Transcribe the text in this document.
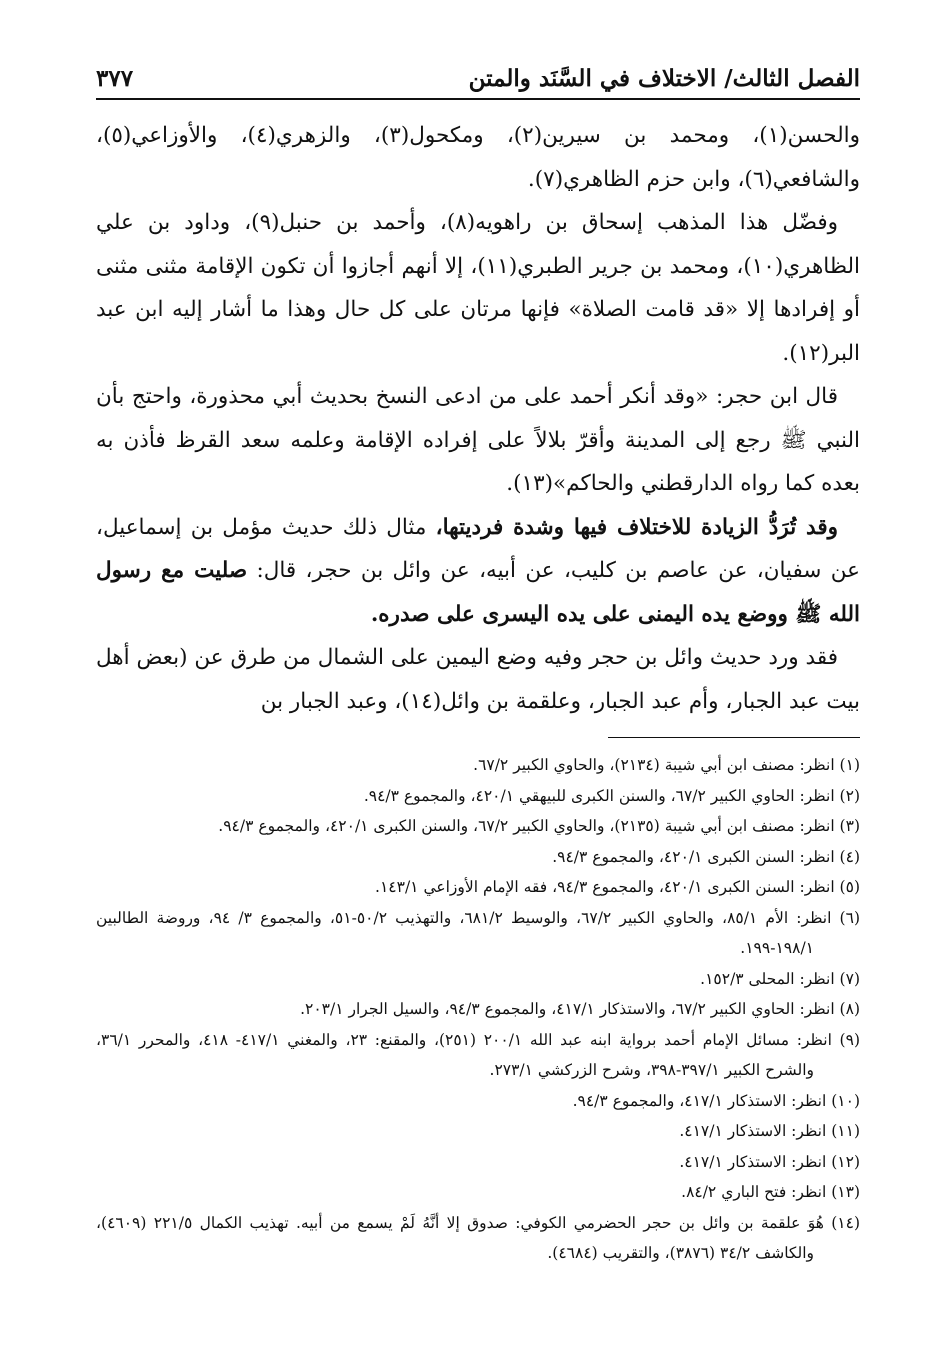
الفصل الثالث/ الاختلاف في السَّنَد والمتن
٣٧٧

والحسن(١)، ومحمد بن سيرين(٢)، ومكحول(٣)، والزهري(٤)، والأوزاعي(٥)، والشافعي(٦)، وابن حزم الظاهري(٧).

وفضّل هذا المذهب إسحاق بن راهويه(٨)، وأحمد بن حنبل(٩)، وداود بن علي الظاهري(١٠)، ومحمد بن جرير الطبري(١١)، إلا أنهم أجازوا أن تكون الإقامة مثنى مثنى أو إفرادها إلا «قد قامت الصلاة» فإنها مرتان على كل حال وهذا ما أشار إليه ابن عبد البر(١٢).

قال ابن حجر: «وقد أنكر أحمد على من ادعى النسخ بحديث أبي محذورة، واحتج بأن النبي ﷺ رجع إلى المدينة وأقرّ بلالاً على إفراده الإقامة وعلمه سعد القرظ فأذن به بعده كما رواه الدارقطني والحاكم»(١٣).

وقد تُرَدُّ الزيادة للاختلاف فيها وشدة فرديتها، مثال ذلك حديث مؤمل بن إسماعيل، عن سفيان، عن عاصم بن كليب، عن أبيه، عن وائل بن حجر، قال: صليت مع رسول الله ﷺ ووضع يده اليمنى على يده اليسرى على صدره.

فقد ورد حديث وائل بن حجر وفيه وضع اليمين على الشمال من طرق عن (بعض أهل بيت عبد الجبار، وأم عبد الجبار، وعلقمة بن وائل(١٤)، وعبد الجبار بن

(١) انظر: مصنف ابن أبي شيبة (٢١٣٤)، والحاوي الكبير ٦٧/٢.

(٢) انظر: الحاوي الكبير ٦٧/٢، والسنن الكبرى للبيهقي ٤٢٠/١، والمجموع ٩٤/٣.

(٣) انظر: مصنف ابن أبي شيبة (٢١٣٥)، والحاوي الكبير ٦٧/٢، والسنن الكبرى ٤٢٠/١، والمجموع ٩٤/٣.

(٤) انظر: السنن الكبرى ٤٢٠/١، والمجموع ٩٤/٣.

(٥) انظر: السنن الكبرى ٤٢٠/١، والمجموع ٩٤/٣، فقه الإمام الأوزاعي ١٤٣/١.

(٦) انظر: الأم ٨٥/١، والحاوي الكبير ٦٧/٢، والوسيط ٦٨١/٢، والتهذيب ٥٠/٢-٥١، والمجموع ٣/ ٩٤، وروضة الطالبين ١٩٨/١-١٩٩.

(٧) انظر: المحلى ١٥٢/٣.

(٨) انظر: الحاوي الكبير ٦٧/٢، والاستذكار ٤١٧/١، والمجموع ٩٤/٣، والسيل الجرار ٢٠٣/١.

(٩) انظر: مسائل الإمام أحمد برواية ابنه عبد الله ٢٠٠/١ (٢٥١)، والمقنع: ٢٣، والمغني ٤١٧/١- ٤١٨، والمحرر ٣٦/١، والشرح الكبير ٣٩٧/١-٣٩٨، وشرح الزركشي ٢٧٣/١.

(١٠) انظر: الاستذكار ٤١٧/١، والمجموع ٩٤/٣.

(١١) انظر: الاستذكار ٤١٧/١.

(١٢) انظر: الاستذكار ٤١٧/١.

(١٣) انظر: فتح الباري ٨٤/٢.

(١٤) هُوَ علقمة بن وائل بن حجر الحضرمي الكوفي: صدوق إلا أنَّهُ لَمْ يسمع من أبيه. تهذيب الكمال ٢٢١/٥ (٤٦٠٩)، والكاشف ٣٤/٢ (٣٨٧٦)، والتقريب (٤٦٨٤).
